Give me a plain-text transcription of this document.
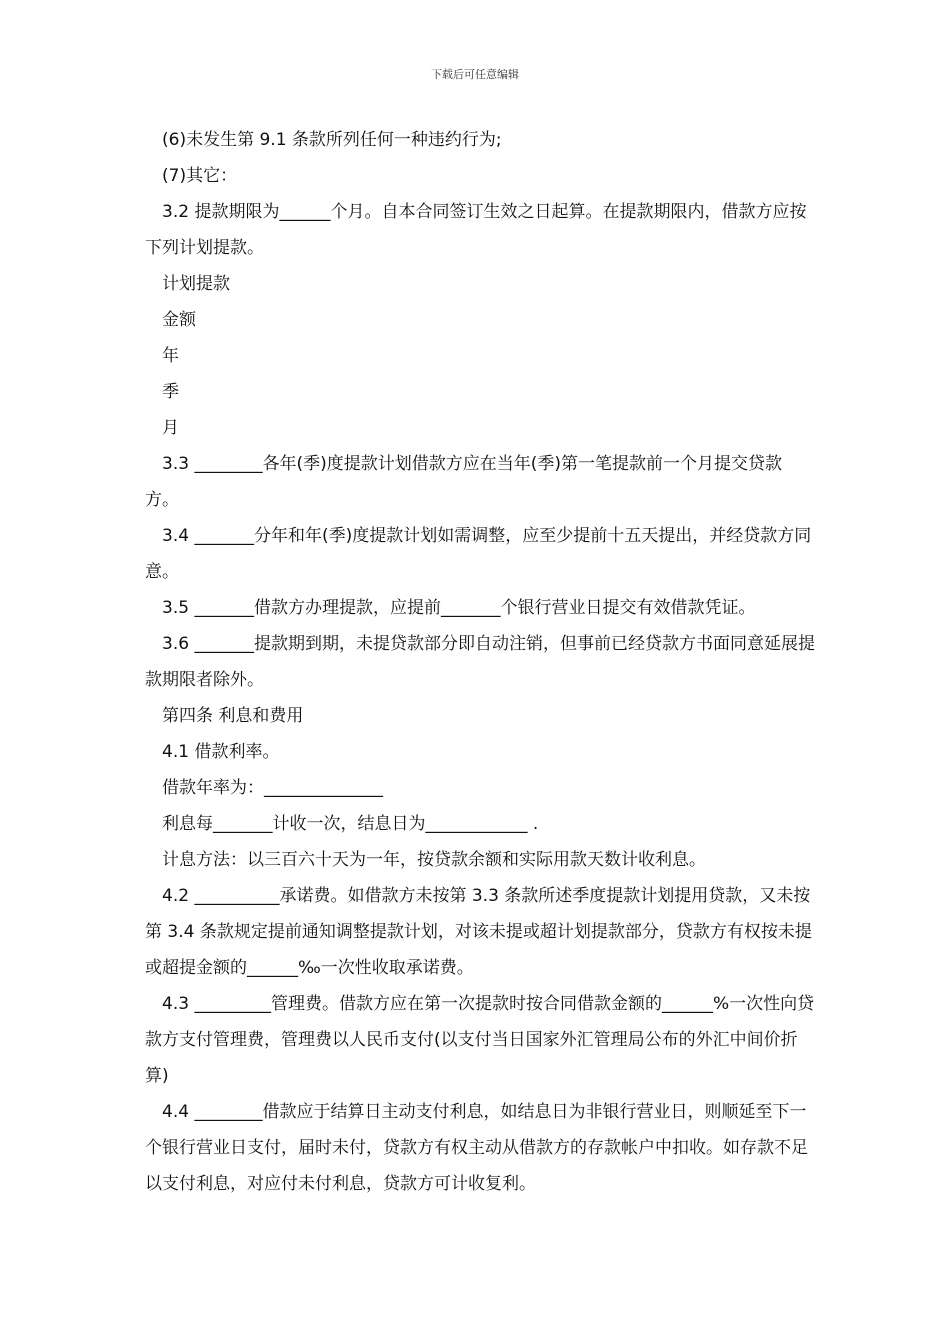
下载后可任意编辑

(6)未发生第 9.1 条款所列任何一种违约行为;

(7)其它：

3.2 提款期限为______个月。自本合同签订生效之日起算。在提款期限内，借款方应按下列计划提款。

计划提款

金额

年

季

月

3.3 ________各年(季)度提款计划借款方应在当年(季)第一笔提款前一个月提交贷款方。

3.4 _______分年和年(季)度提款计划如需调整，应至少提前十五天提出，并经贷款方同意。

3.5 _______借款方办理提款，应提前_______个银行营业日提交有效借款凭证。

3.6 _______提款期到期，未提贷款部分即自动注销，但事前已经贷款方书面同意延展提款期限者除外。

第四条 利息和费用

4.1 借款利率。

借款年率为：______________

利息每_______计收一次，结息日为____________ .

计息方法：以三百六十天为一年，按贷款余额和实际用款天数计收利息。

4.2 __________承诺费。如借款方未按第 3.3 条款所述季度提款计划提用贷款，又未按第 3.4 条款规定提前通知调整提款计划，对该未提或超计划提款部分，贷款方有权按未提或超提金额的______‰一次性收取承诺费。

4.3 _________管理费。借款方应在第一次提款时按合同借款金额的______%一次性向贷款方支付管理费，管理费以人民币支付(以支付当日国家外汇管理局公布的外汇中间价折算)

4.4 ________借款应于结算日主动支付利息，如结息日为非银行营业日，则顺延至下一个银行营业日支付，届时未付，贷款方有权主动从借款方的存款帐户中扣收。如存款不足以支付利息，对应付未付利息，贷款方可计收复利。
